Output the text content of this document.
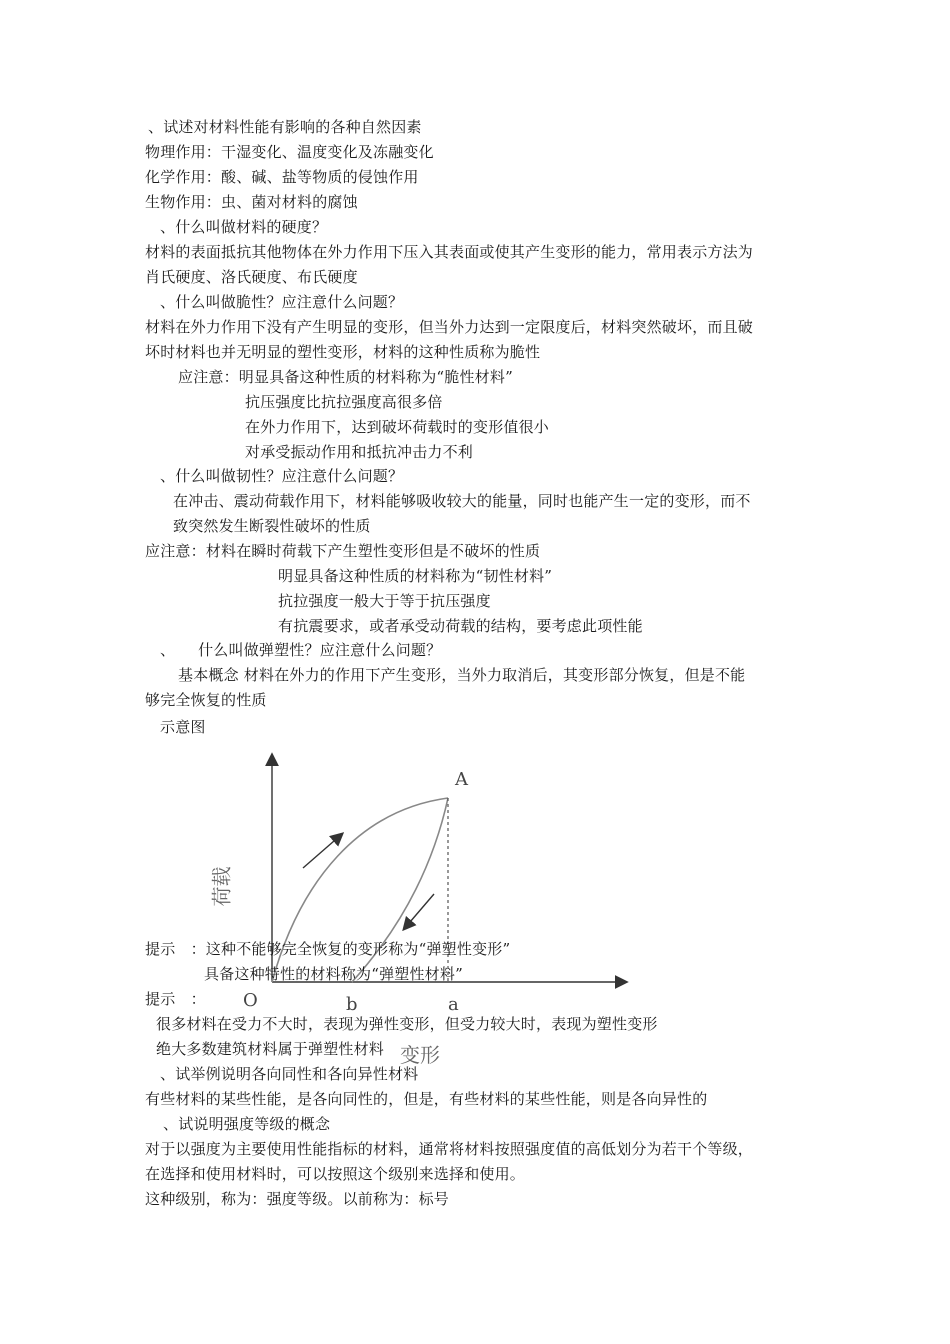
A
O	b	a
荷载
变形
、试述对材料性能有影响的各种自然因素
物理作用：干湿变化、温度变化及冻融变化
化学作用：酸、碱、盐等物质的侵蚀作用
生物作用：虫、菌对材料的腐蚀
、什么叫做材料的硬度？
材料的表面抵抗其他物体在外力作用下压入其表面或使其产生变形的能力，常用表示方法为
肖氏硬度、洛氏硬度、布氏硬度
、什么叫做脆性？应注意什么问题？
材料在外力作用下没有产生明显的变形，但当外力达到一定限度后，材料突然破坏，而且破
坏时材料也并无明显的塑性变形，材料的这种性质称为脆性
应注意：明显具备这种性质的材料称为“脆性材料”
抗压强度比抗拉强度高很多倍
在外力作用下，达到破坏荷载时的变形值很小
对承受振动作用和抵抗冲击力不利
、什么叫做韧性？应注意什么问题？
在冲击、震动荷载作用下，材料能够吸收较大的能量，同时也能产生一定的变形，而不
致突然发生断裂性破坏的性质
应注意：材料在瞬时荷载下产生塑性变形但是不破坏的性质
明显具备这种性质的材料称为“韧性材料”
抗拉强度一般大于等于抗压强度
有抗震要求，或者承受动荷载的结构，要考虑此项性能
、　　什么叫做弹塑性？应注意什么问题？
基本概念 材料在外力的作用下产生变形，当外力取消后，其变形部分恢复，但是不能
够完全恢复的性质
示意图
提示　：这种不能够完全恢复的变形称为“弹塑性变形”
具备这种特性的材料称为“弹塑性材料”
提示　：
很多材料在受力不大时，表现为弹性变形，但受力较大时，表现为塑性变形
绝大多数建筑材料属于弹塑性材料
、试举例说明各向同性和各向异性材料
有些材料的某些性能，是各向同性的，但是，有些材料的某些性能，则是各向异性的
、试说明强度等级的概念
对于以强度为主要使用性能指标的材料，通常将材料按照强度值的高低划分为若干个等级，
在选择和使用材料时，可以按照这个级别来选择和使用。
这种级别，称为：强度等级。以前称为：标号
